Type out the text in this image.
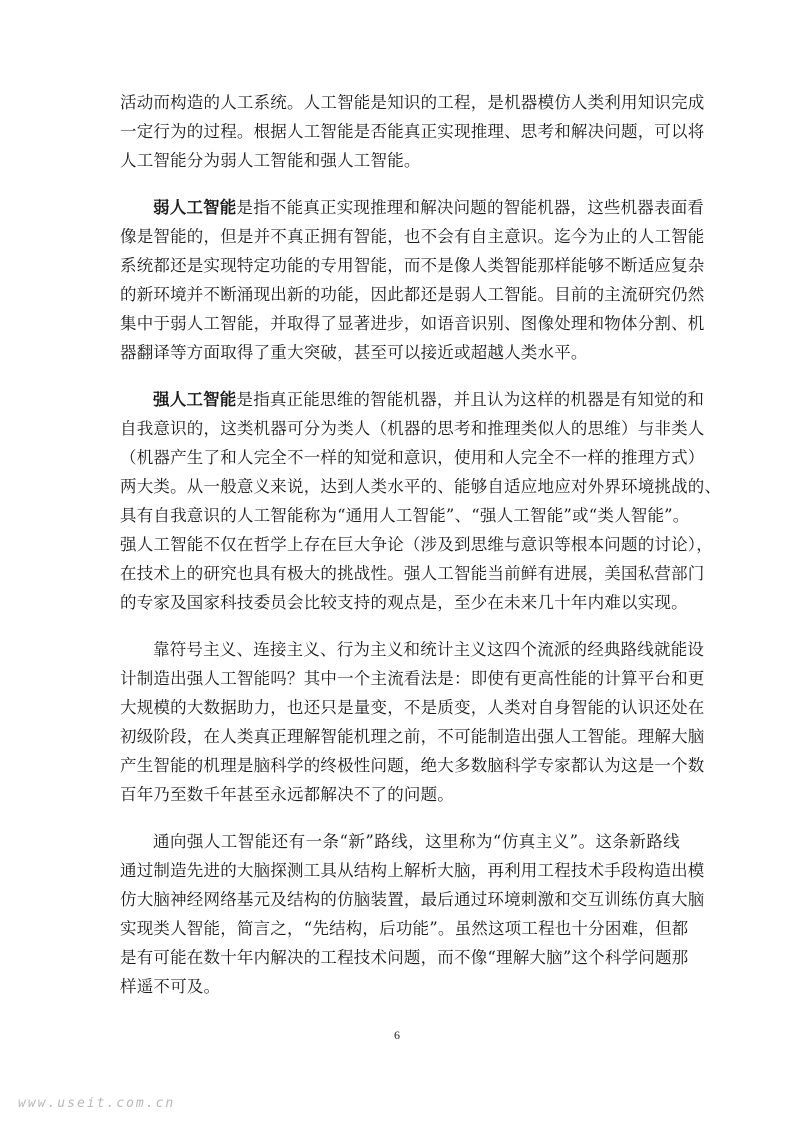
活动而构造的人工系统。人工智能是知识的工程，是机器模仿人类利用知识完成
一定行为的过程。根据人工智能是否能真正实现推理、思考和解决问题，可以将
人工智能分为弱人工智能和强人工智能。
弱人工智能是指不能真正实现推理和解决问题的智能机器，这些机器表面看
像是智能的，但是并不真正拥有智能，也不会有自主意识。迄今为止的人工智能
系统都还是实现特定功能的专用智能，而不是像人类智能那样能够不断适应复杂
的新环境并不断涌现出新的功能，因此都还是弱人工智能。目前的主流研究仍然
集中于弱人工智能，并取得了显著进步，如语音识别、图像处理和物体分割、机
器翻译等方面取得了重大突破，甚至可以接近或超越人类水平。
强人工智能是指真正能思维的智能机器，并且认为这样的机器是有知觉的和
自我意识的，这类机器可分为类人（机器的思考和推理类似人的思维）与非类人
（机器产生了和人完全不一样的知觉和意识，使用和人完全不一样的推理方式）
两大类。从一般意义来说，达到人类水平的、能够自适应地应对外界环境挑战的、
具有自我意识的人工智能称为“通用人工智能”、“强人工智能”或“类人智能”。
强人工智能不仅在哲学上存在巨大争论（涉及到思维与意识等根本问题的讨论），
在技术上的研究也具有极大的挑战性。强人工智能当前鲜有进展，美国私营部门
的专家及国家科技委员会比较支持的观点是，至少在未来几十年内难以实现。
靠符号主义、连接主义、行为主义和统计主义这四个流派的经典路线就能设
计制造出强人工智能吗？其中一个主流看法是：即使有更高性能的计算平台和更
大规模的大数据助力，也还只是量变，不是质变，人类对自身智能的认识还处在
初级阶段，在人类真正理解智能机理之前，不可能制造出强人工智能。理解大脑
产生智能的机理是脑科学的终极性问题，绝大多数脑科学专家都认为这是一个数
百年乃至数千年甚至永远都解决不了的问题。
通向强人工智能还有一条“新”路线，这里称为“仿真主义”。这条新路线
通过制造先进的大脑探测工具从结构上解析大脑，再利用工程技术手段构造出模
仿大脑神经网络基元及结构的仿脑装置，最后通过环境刺激和交互训练仿真大脑
实现类人智能，简言之，“先结构，后功能”。虽然这项工程也十分困难，但都
是有可能在数十年内解决的工程技术问题，而不像“理解大脑”这个科学问题那
样遥不可及。
6
www.useit.com.cn
